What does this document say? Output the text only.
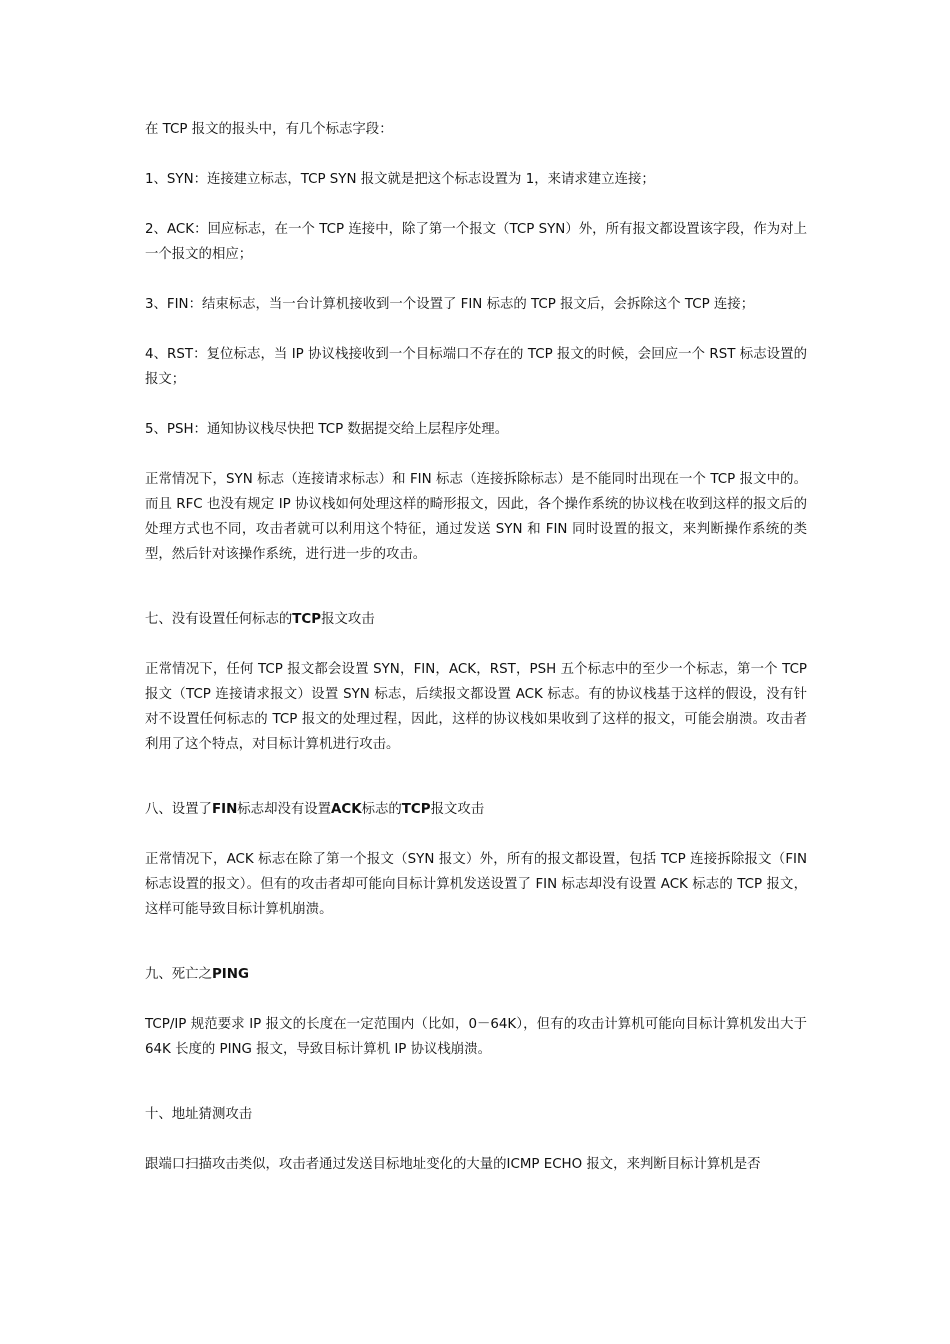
在 TCP 报文的报头中，有几个标志字段：

1、SYN：连接建立标志，TCP SYN 报文就是把这个标志设置为 1，来请求建立连接；

2、ACK：回应标志，在一个 TCP 连接中，除了第一个报文（TCP SYN）外，所有报文都设置该字段，作为对上一个报文的相应；

3、FIN：结束标志，当一台计算机接收到一个设置了 FIN 标志的 TCP 报文后，会拆除这个 TCP 连接；

4、RST：复位标志，当 IP 协议栈接收到一个目标端口不存在的 TCP 报文的时候，会回应一个 RST 标志设置的报文；

5、PSH：通知协议栈尽快把 TCP 数据提交给上层程序处理。

正常情况下，SYN 标志（连接请求标志）和 FIN 标志（连接拆除标志）是不能同时出现在一个 TCP 报文中的。而且 RFC 也没有规定 IP 协议栈如何处理这样的畸形报文，因此，各个操作系统的协议栈在收到这样的报文后的处理方式也不同，攻击者就可以利用这个特征，通过发送 SYN 和 FIN 同时设置的报文，来判断操作系统的类型，然后针对该操作系统，进行进一步的攻击。

七、没有设置任何标志的TCP报文攻击

正常情况下，任何 TCP 报文都会设置 SYN，FIN，ACK，RST，PSH 五个标志中的至少一个标志，第一个 TCP 报文（TCP 连接请求报文）设置 SYN 标志，后续报文都设置 ACK 标志。有的协议栈基于这样的假设，没有针对不设置任何标志的 TCP 报文的处理过程，因此，这样的协议栈如果收到了这样的报文，可能会崩溃。攻击者利用了这个特点，对目标计算机进行攻击。

八、设置了FIN标志却没有设置ACK标志的TCP报文攻击

正常情况下，ACK 标志在除了第一个报文（SYN 报文）外，所有的报文都设置，包括 TCP 连接拆除报文（FIN 标志设置的报文）。但有的攻击者却可能向目标计算机发送设置了 FIN 标志却没有设置 ACK 标志的 TCP 报文，这样可能导致目标计算机崩溃。

九、死亡之PING

TCP/IP 规范要求 IP 报文的长度在一定范围内（比如，0－64K），但有的攻击计算机可能向目标计算机发出大于 64K 长度的 PING 报文，导致目标计算机 IP 协议栈崩溃。

十、地址猜测攻击

跟端口扫描攻击类似，攻击者通过发送目标地址变化的大量的ICMP ECHO 报文，来判断目标计算机是否
